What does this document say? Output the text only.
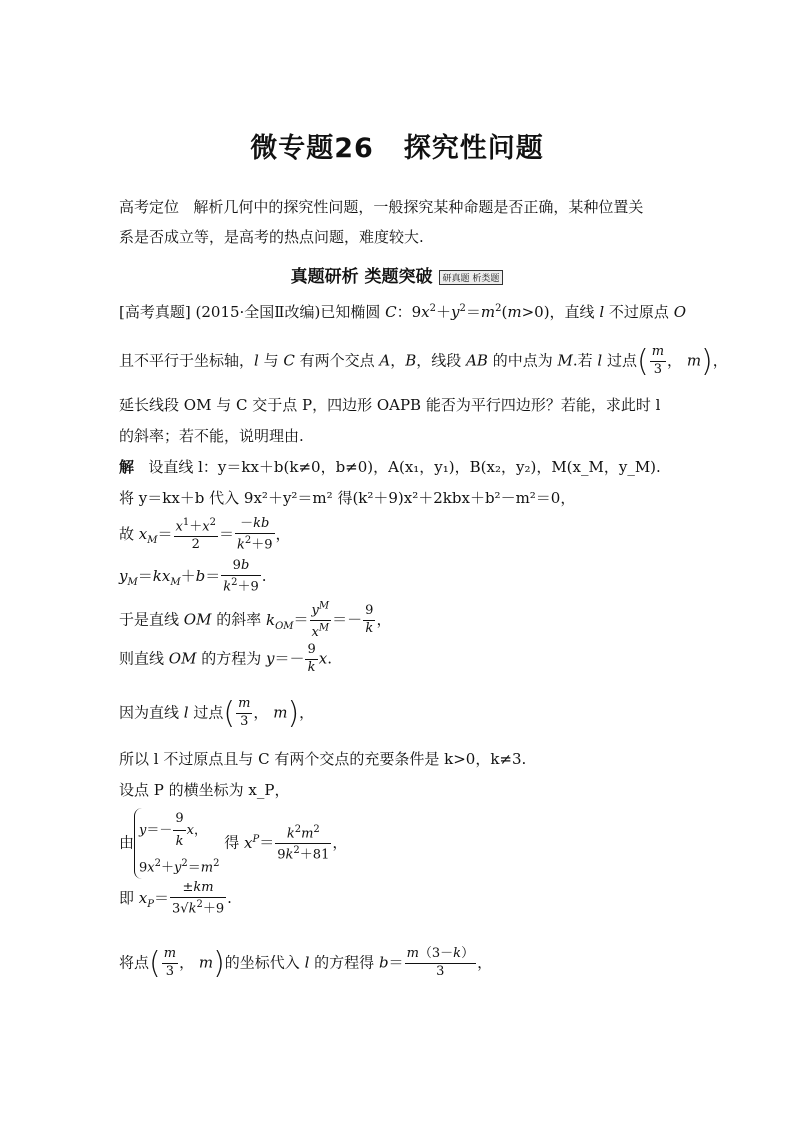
微专题26 探究性问题
高考定位 解析几何中的探究性问题，一般探究某种命题是否正确，某种位置关
系是否成立等，是高考的热点问题，难度较大.
真题研析 类题突破 研真题 析类题
[高考真题] (2015·全国Ⅱ改编)已知椭圆 C：$9x^2+y^2=m^2(m>0)$，直线 l 不过原点 O
且不平行于坐标轴，l 与 C 有两个交点 A，B，线段 AB 的中点为 M.若 l 过点( $\frac{m}{3}$ ， m)，
延长线段 OM 与 C 交于点 P，四边形 OAPB 能否为平行四边形？若能，求此时 l
的斜率；若不能，说明理由.
解 设直线 l：y＝kx＋b(k≠0，b≠0)，A(x₁，y₁)，B(x₂，y₂)，M(x_M，y_M).
将 y＝kx＋b 代入 9x²＋y²＝m² 得(k²＋9)x²＋2kbx＋b²－m²＝0，
故 $x_M= \frac{x^1+x^2}{2} = \frac{-kb}{k^2+9}$ ，
$y_M=kx_M+b= \frac{9b}{k^2+9}$ .
于是直线 OM 的斜率 $k_{OM}= \frac{y^M}{x^M} =- \frac{9}{k}$ ，
则直线 OM 的方程为 $y=- \frac{9}{k} x$.
因为直线 l 过点( $\frac{m}{3}$ ， m)，
所以 l 不过原点且与 C 有两个交点的充要条件是 k>0，k≠3.
设点 P 的横坐标为 x_P，
由$y=- \frac{9}{k}$ x，
$9x^2+y^2=m^2$ 得 $x^P= \frac{k^2m^2}{9k^2+81}$ ，
即 $x_P= \frac{\pm km}{3√k^2+9}$ .
将点( $\frac{m}{3}$ ， m)的坐标代入 l 的方程得 $b= \frac{m(3-k)}{3}$ ，
